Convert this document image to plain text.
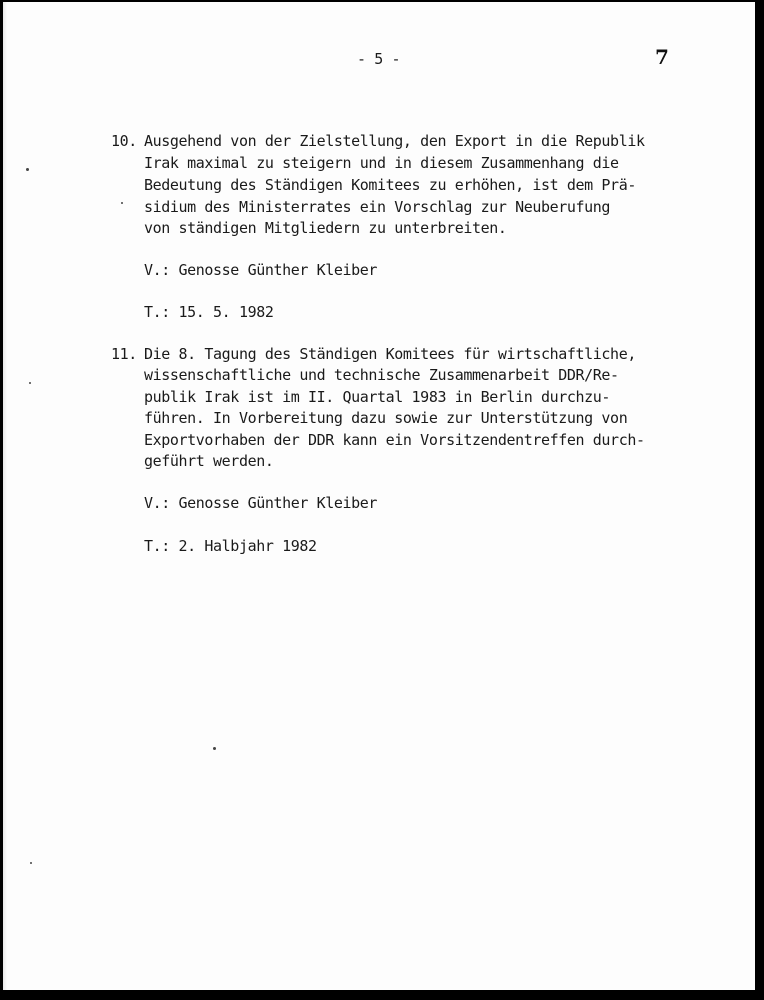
- 5 -	7
10. Ausgehend von der Zielstellung, den Export in die Republik
Irak maximal zu steigern und in diesem Zusammenhang die
Bedeutung des Ständigen Komitees zu erhöhen, ist dem Prä-
sidium des Ministerrates ein Vorschlag zur Neuberufung
von ständigen Mitgliedern zu unterbreiten.
V.: Genosse Günther Kleiber
T.: 15. 5. 1982
11. Die 8. Tagung des Ständigen Komitees für wirtschaftliche,
wissenschaftliche und technische Zusammenarbeit DDR/Re-
publik Irak ist im II. Quartal 1983 in Berlin durchzu-
führen. In Vorbereitung dazu sowie zur Unterstützung von
Exportvorhaben der DDR kann ein Vorsitzendentreffen durch-
geführt werden.
V.: Genosse Günther Kleiber
T.: 2. Halbjahr 1982
